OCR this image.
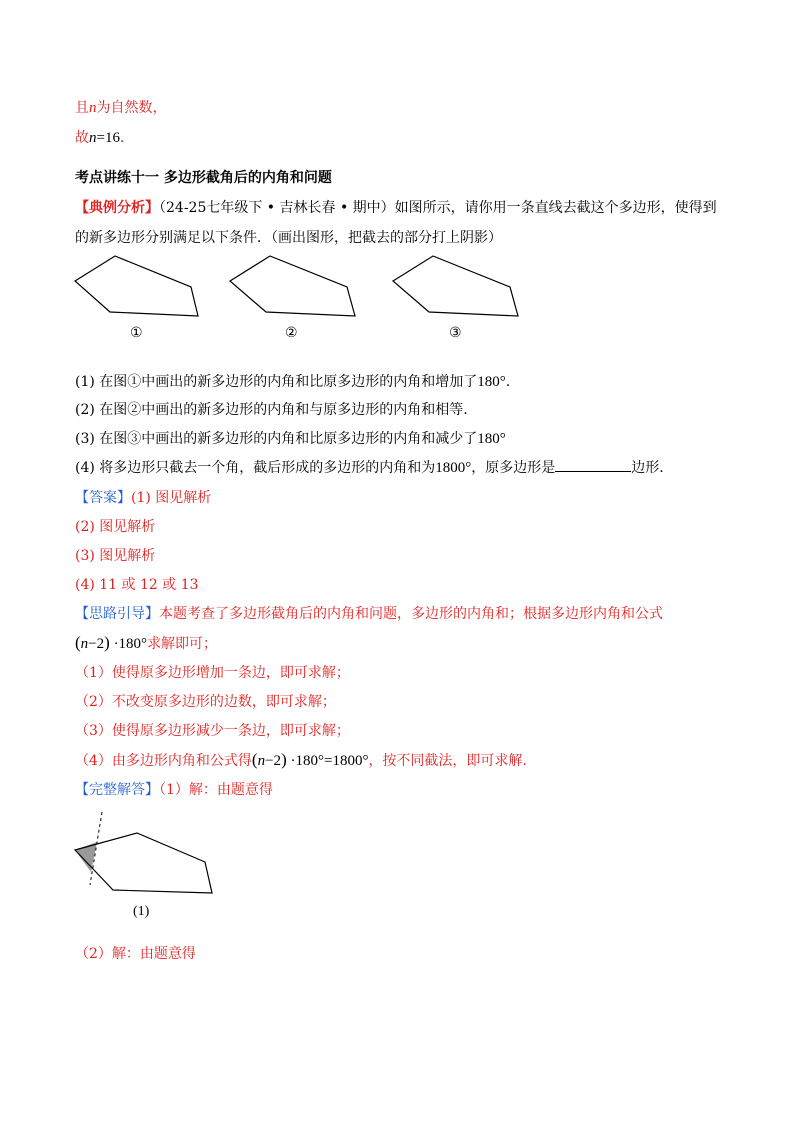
且n为自然数，
故n=16．
考点讲练十一 多边形截角后的内角和问题
【典例分析】（24-25七年级下 • 吉林长春 • 期中）如图所示，请你用一条直线去截这个多边形，使得到
的新多边形分别满足以下条件．（画出图形，把截去的部分打上阴影）
①	②	③
(1) 在图①中画出的新多边形的内角和比原多边形的内角和增加了180°.
(2) 在图②中画出的新多边形的内角和与原多边形的内角和相等.
(3) 在图③中画出的新多边形的内角和比原多边形的内角和减少了180°
(4) 将多边形只截去一个角，截后形成的多边形的内角和为1800°，原多边形是	边形.
【答案】(1) 图见解析
(2) 图见解析
(3) 图见解析
(4) 11 或 12 或 13
【思路引导】本题考查了多边形截角后的内角和问题，多边形的内角和；根据多边形内角和公式
(n−2) ·180°求解即可；
（1）使得原多边形增加一条边，即可求解；
（2）不改变原多边形的边数，即可求解；
（3）使得原多边形减少一条边，即可求解；
（4）由多边形内角和公式得(n−2) ·180°=1800°，按不同截法，即可求解.
【完整解答】（1）解：由题意得
(1)
（2）解：由题意得
